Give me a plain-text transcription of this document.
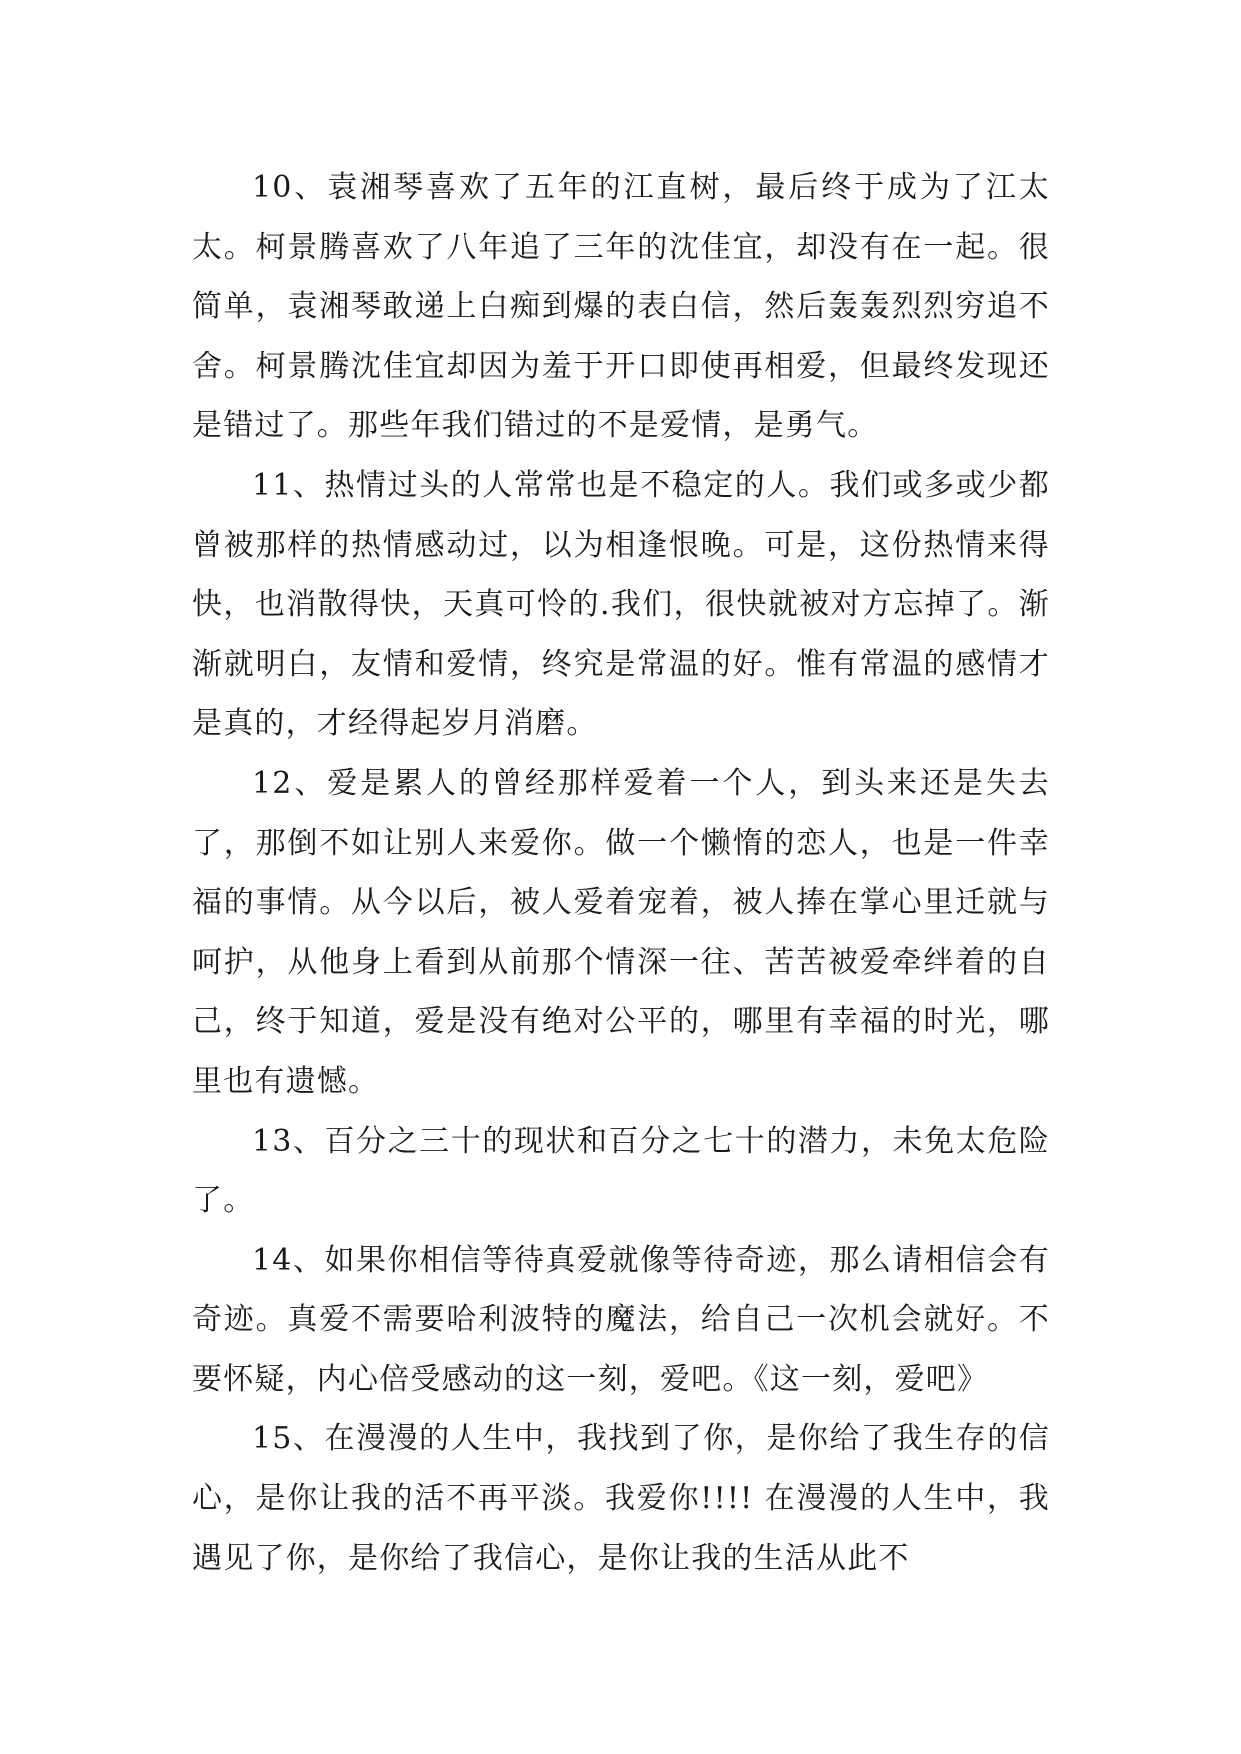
10、袁湘琴喜欢了五年的江直树，最后终于成为了江太太。柯景腾喜欢了八年追了三年的沈佳宜，却没有在一起。很简单，袁湘琴敢递上白痴到爆的表白信，然后轰轰烈烈穷追不舍。柯景腾沈佳宜却因为羞于开口即使再相爱，但最终发现还是错过了。那些年我们错过的不是爱情，是勇气。

11、热情过头的人常常也是不稳定的人。我们或多或少都曾被那样的热情感动过，以为相逢恨晚。可是，这份热情来得快，也消散得快，天真可怜的.我们，很快就被对方忘掉了。渐渐就明白，友情和爱情，终究是常温的好。惟有常温的感情才是真的，才经得起岁月消磨。

12、爱是累人的曾经那样爱着一个人，到头来还是失去了，那倒不如让别人来爱你。做一个懒惰的恋人，也是一件幸福的事情。从今以后，被人爱着宠着，被人捧在掌心里迁就与呵护，从他身上看到从前那个情深一往、苦苦被爱牵绊着的自己，终于知道，爱是没有绝对公平的，哪里有幸福的时光，哪里也有遗憾。

13、百分之三十的现状和百分之七十的潜力，未免太危险了。

14、如果你相信等待真爱就像等待奇迹，那么请相信会有奇迹。真爱不需要哈利波特的魔法，给自己一次机会就好。不要怀疑，内心倍受感动的这一刻，爱吧。《这一刻，爱吧》

15、在漫漫的人生中，我找到了你，是你给了我生存的信心，是你让我的活不再平淡。我爱你!!!! 在漫漫的人生中，我遇见了你，是你给了我信心，是你让我的生活从此不
